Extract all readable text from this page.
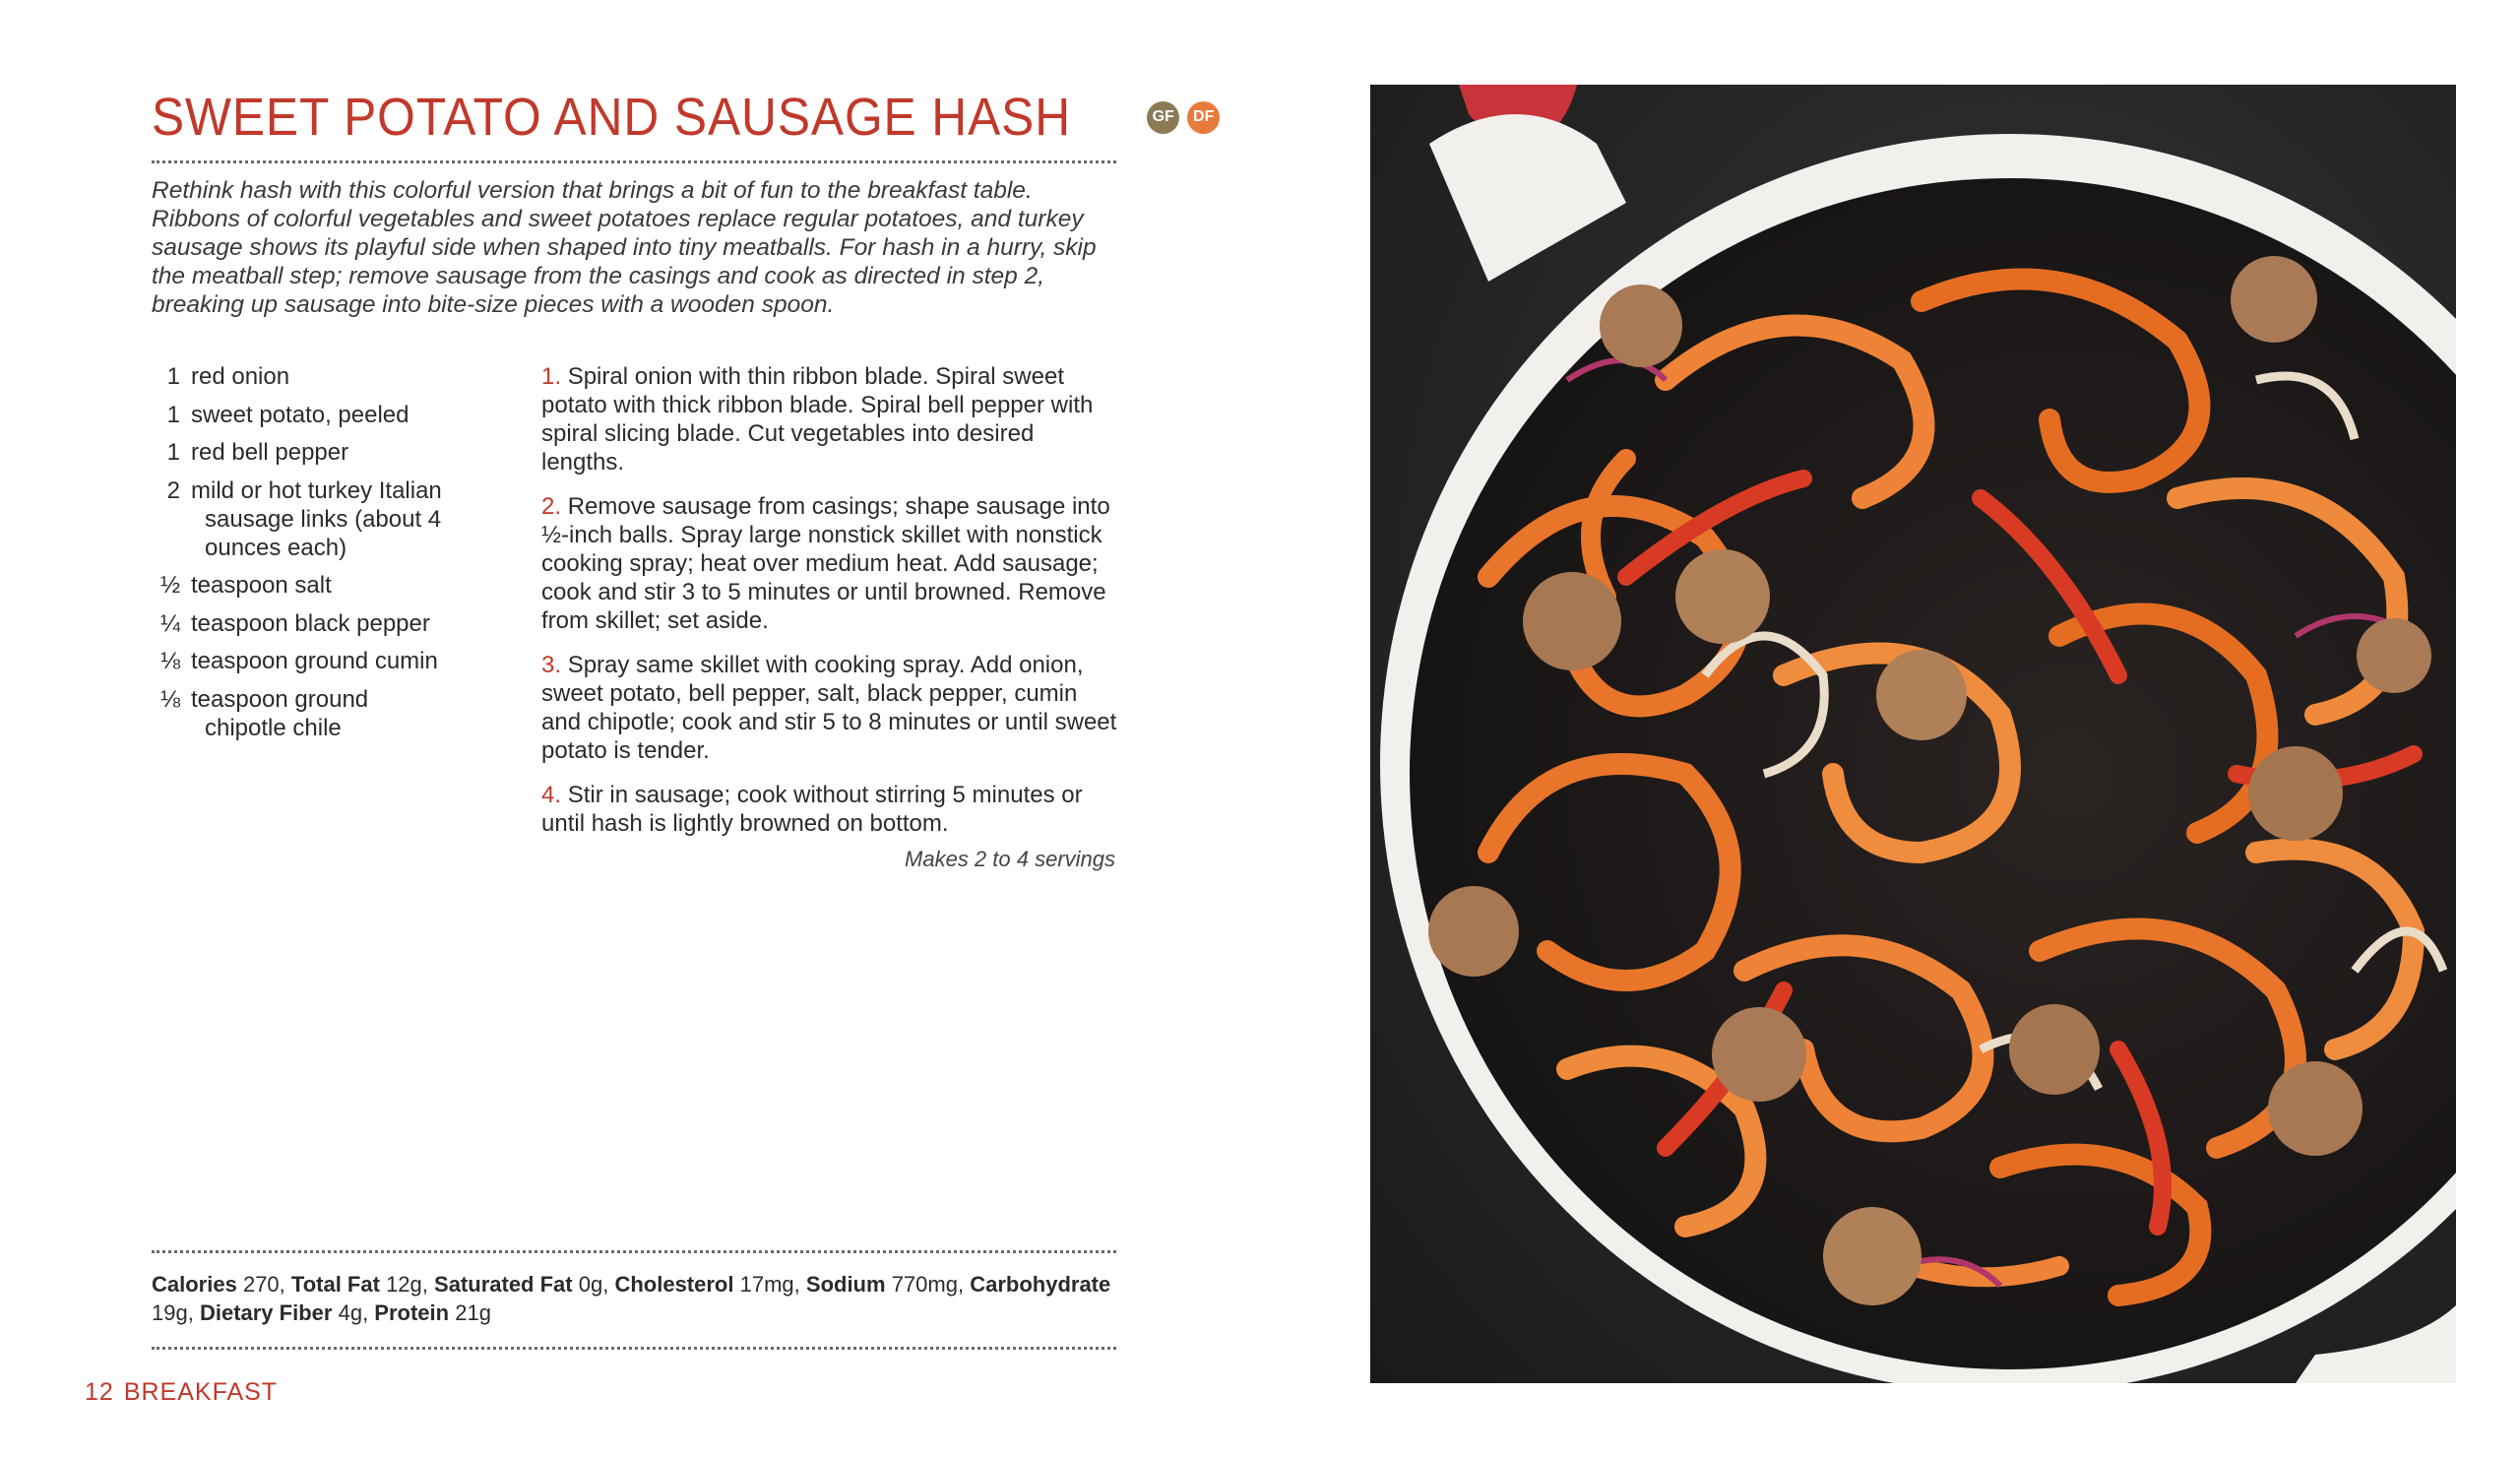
SWEET POTATO AND SAUSAGE HASH	GF	DF
Rethink hash with this colorful version that brings a bit of fun to the breakfast table. Ribbons of colorful vegetables and sweet potatoes replace regular potatoes, and turkey sausage shows its playful side when shaped into tiny meatballs. For hash in a hurry, skip the meatball step; remove sausage from the casings and cook as directed in step 2, breaking up sausage into bite-size pieces with a wooden spoon.
1 red onion
1 sweet potato, peeled
1 red bell pepper
2 mild or hot turkey Italian
sausage links (about 4 ounces each)
½ teaspoon salt
¼ teaspoon black pepper
⅛ teaspoon ground cumin
⅛ teaspoon ground
chipotle chile
1. Spiral onion with thin ribbon blade. Spiral sweet potato with thick ribbon blade. Spiral bell pepper with spiral slicing blade. Cut vegetables into desired lengths.
2. Remove sausage from casings; shape sausage into ½-inch balls. Spray large nonstick skillet with nonstick cooking spray; heat over medium heat. Add sausage; cook and stir 3 to 5 minutes or until browned. Remove from skillet; set aside.
3. Spray same skillet with cooking spray. Add onion, sweet potato, bell pepper, salt, black pepper, cumin and chipotle; cook and stir 5 to 8 minutes or until sweet potato is tender.
4. Stir in sausage; cook without stirring 5 minutes or until hash is lightly browned on bottom.
Makes 2 to 4 servings
Calories 270, Total Fat 12g, Saturated Fat 0g, Cholesterol 17mg, Sodium 770mg, Carbohydrate 19g, Dietary Fiber 4g, Protein 21g
12 BREAKFAST
